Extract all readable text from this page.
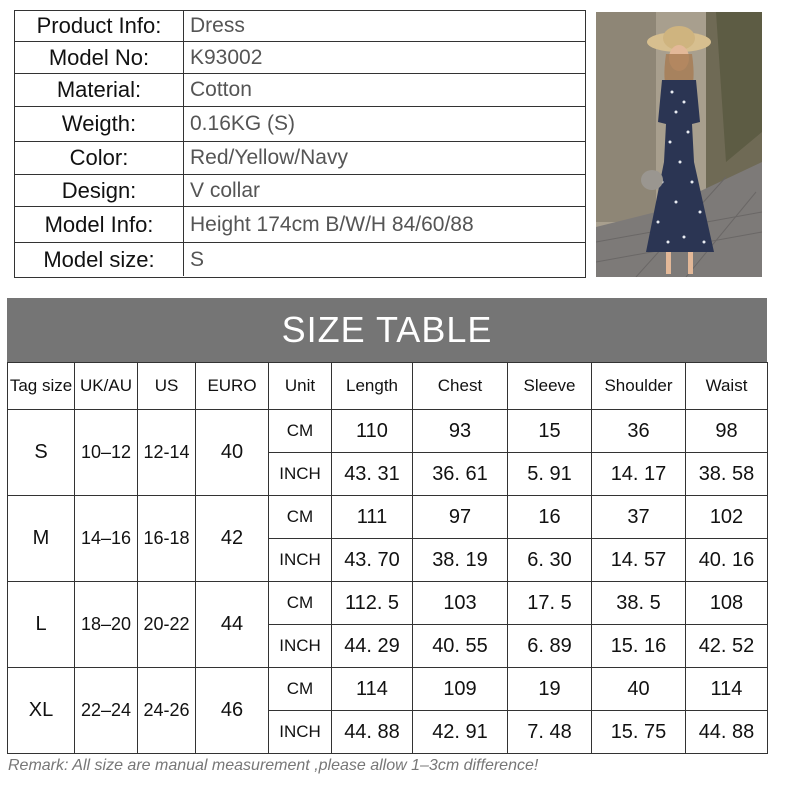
Product Info:	Dress
Model No:	K93002
Material:	Cotton
Weigth:	0.16KG (S)
Color:	Red/Yellow/Navy
Design:	V collar
Model Info:	Height 174cm B/W/H 84/60/88
Model size:	S
SIZE TABLE
Tag size	UK/AU	US	EURO	Unit	Length	Chest	Sleeve	Shoulder	Waist
S	10–12	12-14	40	CM	110	93	15	36	98
				INCH	43. 31	36. 61	5. 91	14. 17	38. 58
M	14–16	16-18	42	CM	111	97	16	37	102
				INCH	43. 70	38. 19	6. 30	14. 57	40. 16
L	18–20	20-22	44	CM	112. 5	103	17. 5	38. 5	108
				INCH	44. 29	40. 55	6. 89	15. 16	42. 52
XL	22–24	24-26	46	CM	114	109	19	40	114
				INCH	44. 88	42. 91	7. 48	15. 75	44. 88
Remark: All size are manual measurement ,please allow 1–3cm difference!
